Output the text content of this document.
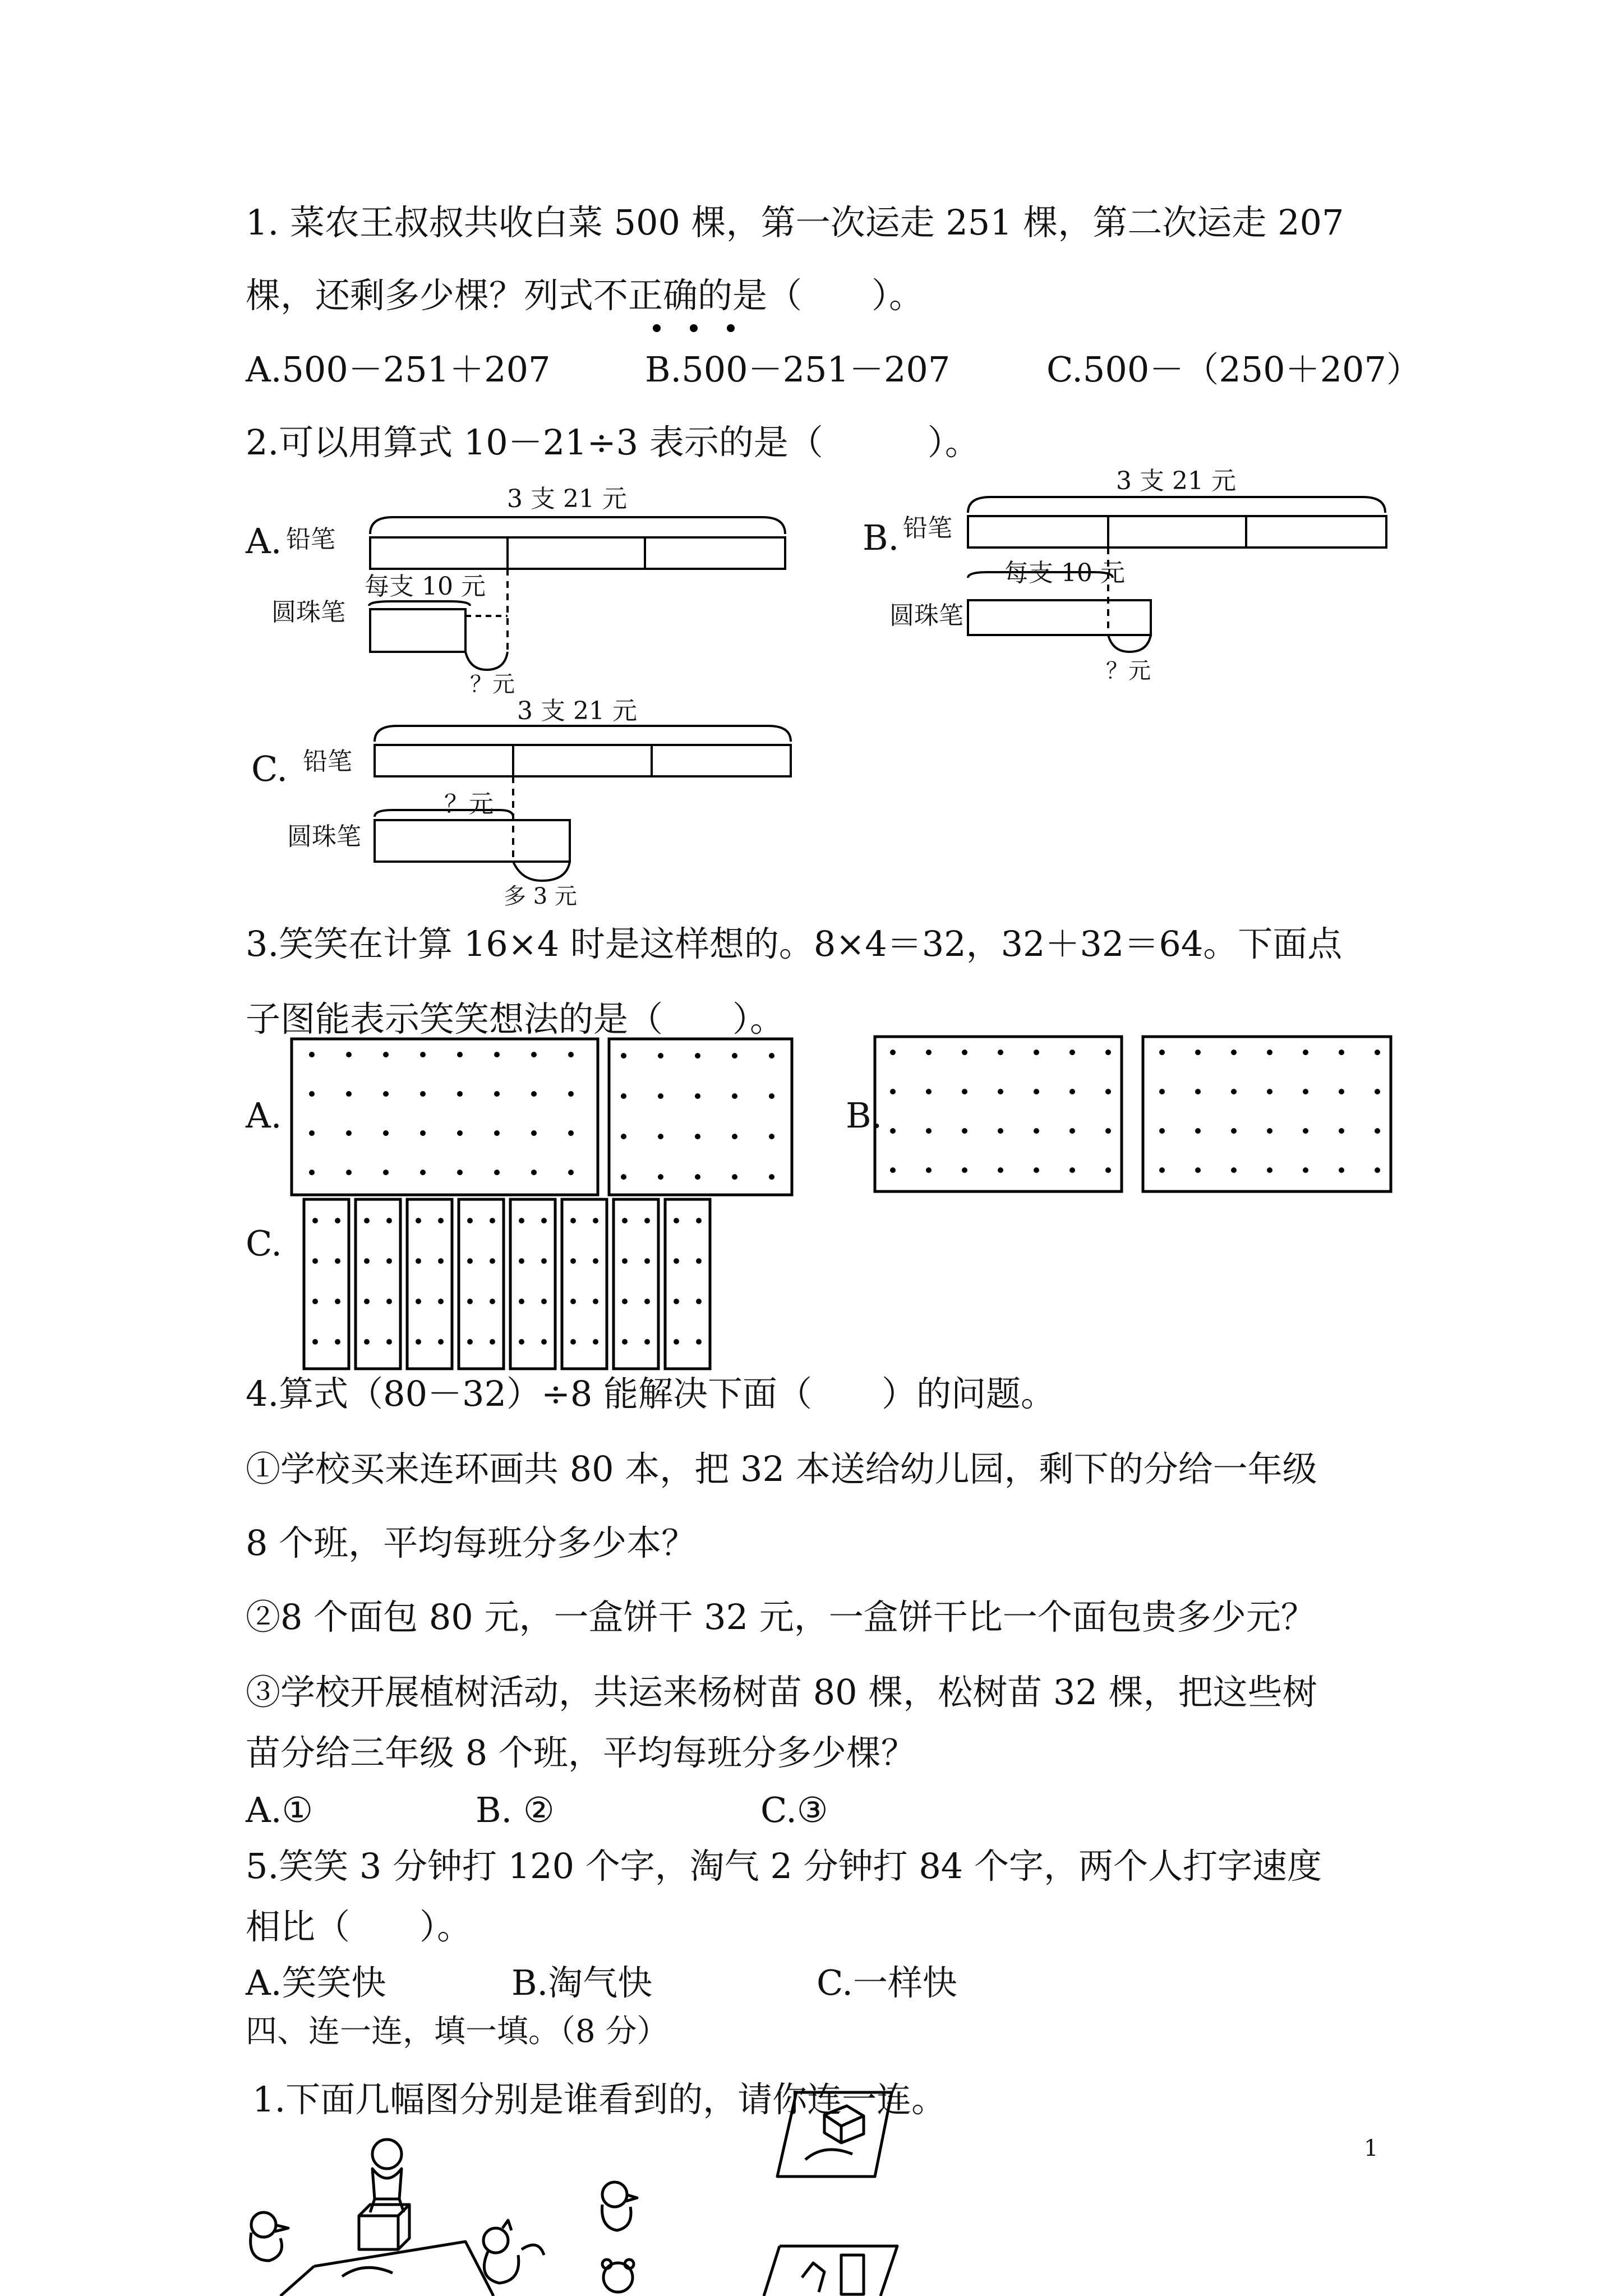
1. 菜农王叔叔共收白菜 500 棵，第一次运走 251 棵，第二次运走 207
棵，还剩多少棵？列式不正确的是（　　）。
A.500－251＋207	B.500－251－207	C.500－（250＋207）
2.可以用算式 10－21÷3 表示的是（　　　）。
A. 铅笔
3 支 21 元
每支 10 元
圆珠笔
？元
B. 铅笔
3 支 21 元
每支 10 元
圆珠笔
？元
C. 铅笔
3 支 21 元
？元
圆珠笔
多 3 元
3.笑笑在计算 16×4 时是这样想的。8×4＝32，32＋32＝64。下面点
子图能表示笑笑想法的是（　　）。
A.	B.
C.
4.算式（80－32）÷8 能解决下面（　　）的问题。
①学校买来连环画共 80 本，把 32 本送给幼儿园，剩下的分给一年级
8 个班，平均每班分多少本？
②8 个面包 80 元，一盒饼干 32 元，一盒饼干比一个面包贵多少元？
③学校开展植树活动，共运来杨树苗 80 棵，松树苗 32 棵，把这些树
苗分给三年级 8 个班，平均每班分多少棵？
A.①	B. ②	C.③
5.笑笑 3 分钟打 120 个字，淘气 2 分钟打 84 个字，两个人打字速度
相比（　　）。
A.笑笑快	B.淘气快	C.一样快
四、连一连，填一填。（8 分）
1.下面几幅图分别是谁看到的，请你连一连。
1
